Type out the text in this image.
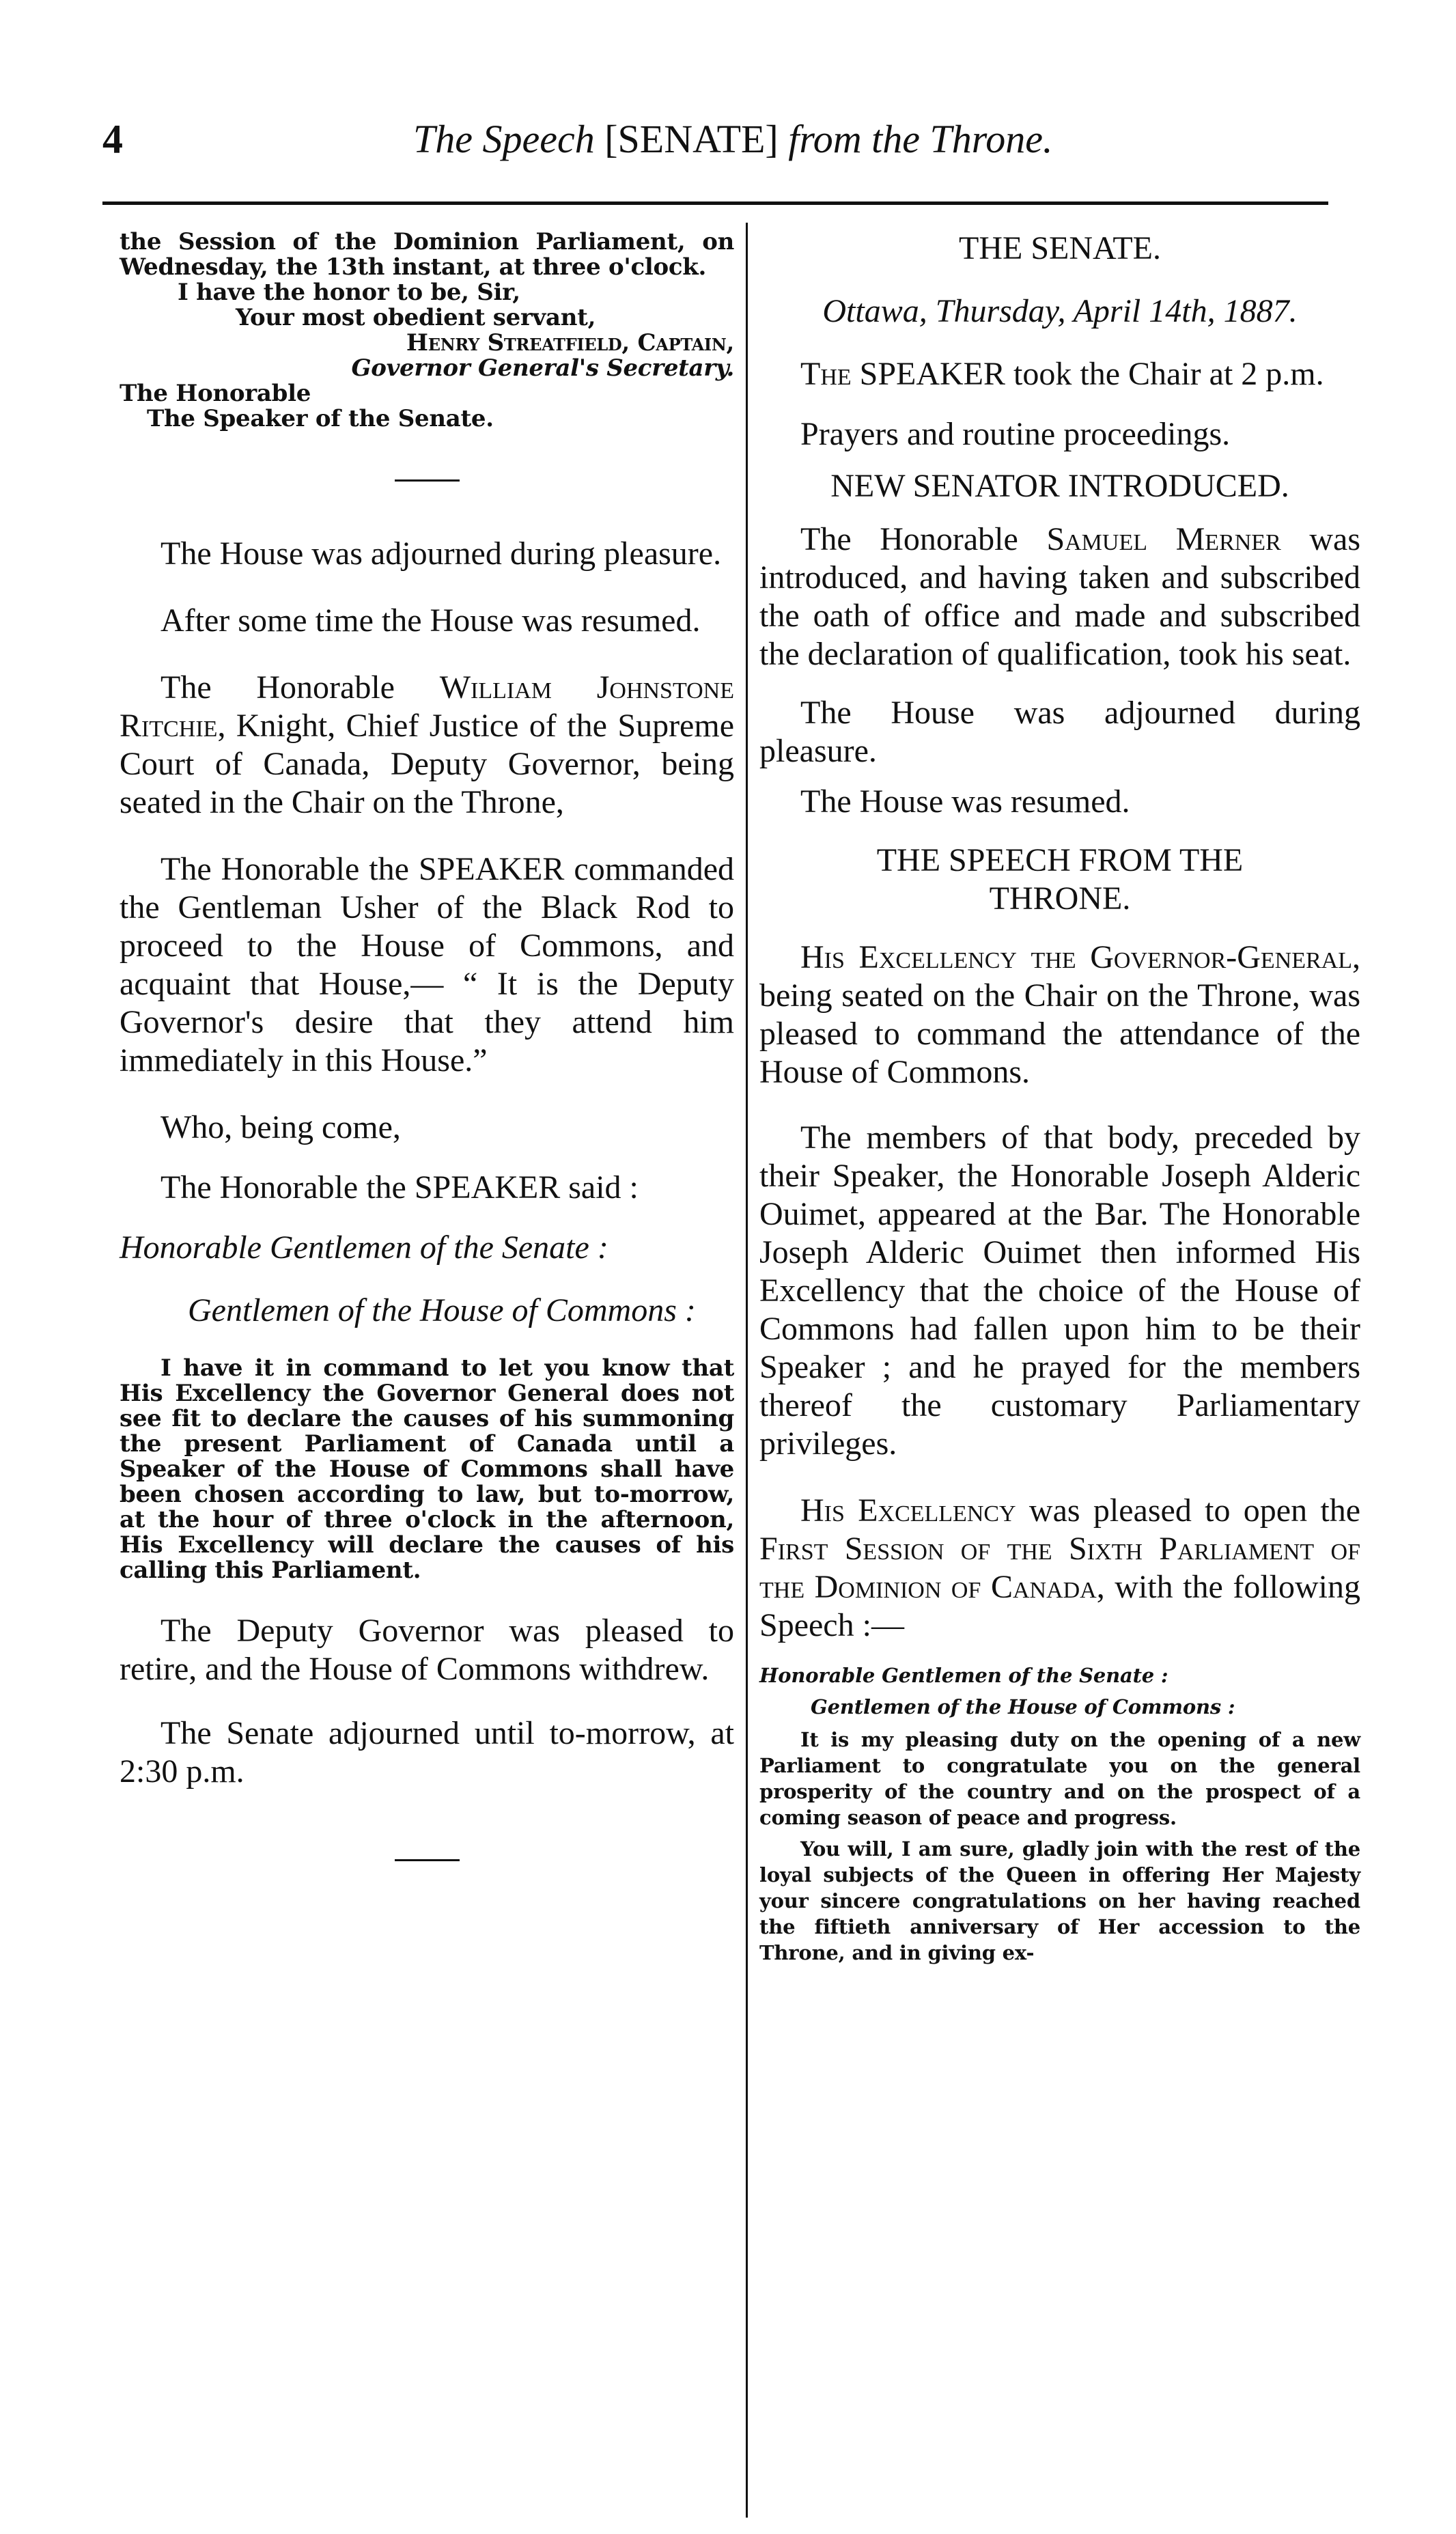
4	The Speech [SENATE] from the Throne.

the Session of the Dominion Parliament, on Wednesday, the 13th instant, at three o'clock.

I have the honor to be, Sir,

Your most obedient servant,

Henry Streatfield, Captain,

Governor General's Secretary.

The Honorable

The Speaker of the Senate.

The House was adjourned during pleasure.

After some time the House was resumed.

The Honorable William Johnstone Ritchie, Knight, Chief Justice of the Supreme Court of Canada, Deputy Governor, being seated in the Chair on the Throne,

The Honorable the SPEAKER commanded the Gentleman Usher of the Black Rod to proceed to the House of Commons, and acquaint that House,— “ It is the Deputy Governor's desire that they attend him immediately in this House.”

Who, being come,

The Honorable the SPEAKER said :

Honorable Gentlemen of the Senate :

Gentlemen of the House of Commons :

I have it in command to let you know that His Excellency the Governor General does not see fit to declare the causes of his summoning the present Parliament of Canada until a Speaker of the House of Commons shall have been chosen according to law, but to-morrow, at the hour of three o'clock in the afternoon, His Excellency will declare the causes of his calling this Parliament.

The Deputy Governor was pleased to retire, and the House of Commons withdrew.

The Senate adjourned until to-morrow, at 2:30 p.m.

THE SENATE.

Ottawa, Thursday, April 14th, 1887.

The SPEAKER took the Chair at 2 p.m.

Prayers and routine proceedings.

NEW SENATOR INTRODUCED.

The Honorable Samuel Merner was introduced, and having taken and subscribed the oath of office and made and subscribed the declaration of qualification, took his seat.

The House was adjourned during pleasure.

The House was resumed.

THE SPEECH FROM THE
THRONE.

His Excellency the Governor-General, being seated on the Chair on the Throne, was pleased to command the attendance of the House of Commons.

The members of that body, preceded by their Speaker, the Honorable Joseph Alderic Ouimet, appeared at the Bar. The Honorable Joseph Alderic Ouimet then informed His Excellency that the choice of the House of Commons had fallen upon him to be their Speaker ; and he prayed for the members thereof the customary Parliamentary privileges.

His Excellency was pleased to open the First Session of the Sixth Parliament of the Dominion of Canada, with the following Speech :—

Honorable Gentlemen of the Senate :

Gentlemen of the House of Commons :

It is my pleasing duty on the opening of a new Parliament to congratulate you on the general prosperity of the country and on the prospect of a coming season of peace and progress.

You will, I am sure, gladly join with the rest of the loyal subjects of the Queen in offering Her Majesty your sincere congratulations on her having reached the fiftieth anniversary of Her accession to the Throne, and in giving ex-
